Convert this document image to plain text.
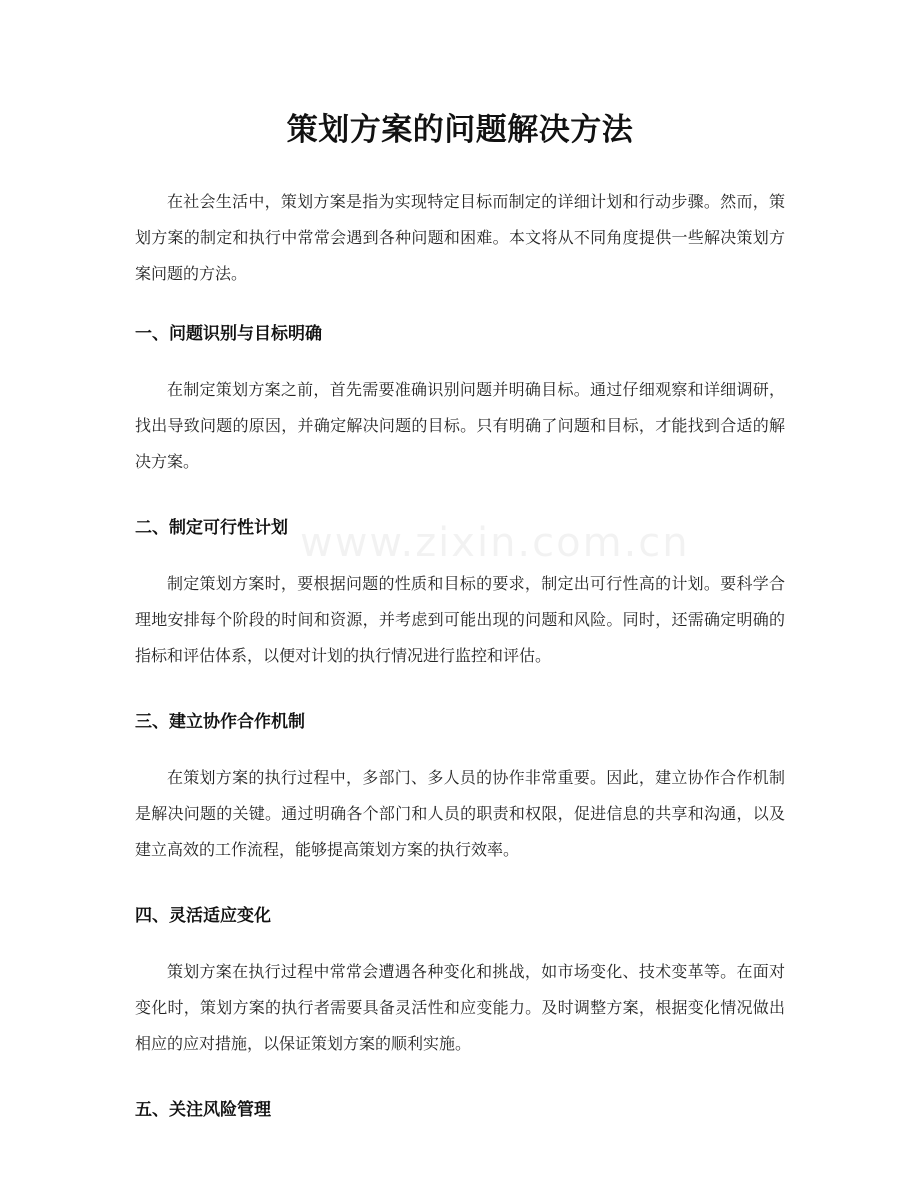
策划方案的问题解决方法

在社会生活中，策划方案是指为实现特定目标而制定的详细计划和行动步骤。然而，策划方案的制定和执行中常常会遇到各种问题和困难。本文将从不同角度提供一些解决策划方案问题的方法。

一、问题识别与目标明确

在制定策划方案之前，首先需要准确识别问题并明确目标。通过仔细观察和详细调研，找出导致问题的原因，并确定解决问题的目标。只有明确了问题和目标，才能找到合适的解决方案。

二、制定可行性计划

制定策划方案时，要根据问题的性质和目标的要求，制定出可行性高的计划。要科学合理地安排每个阶段的时间和资源，并考虑到可能出现的问题和风险。同时，还需确定明确的指标和评估体系，以便对计划的执行情况进行监控和评估。

三、建立协作合作机制

在策划方案的执行过程中，多部门、多人员的协作非常重要。因此，建立协作合作机制是解决问题的关键。通过明确各个部门和人员的职责和权限，促进信息的共享和沟通，以及建立高效的工作流程，能够提高策划方案的执行效率。

四、灵活适应变化

策划方案在执行过程中常常会遭遇各种变化和挑战，如市场变化、技术变革等。在面对变化时，策划方案的执行者需要具备灵活性和应变能力。及时调整方案，根据变化情况做出相应的应对措施，以保证策划方案的顺利实施。

五、关注风险管理
www.zixin.com.cn
